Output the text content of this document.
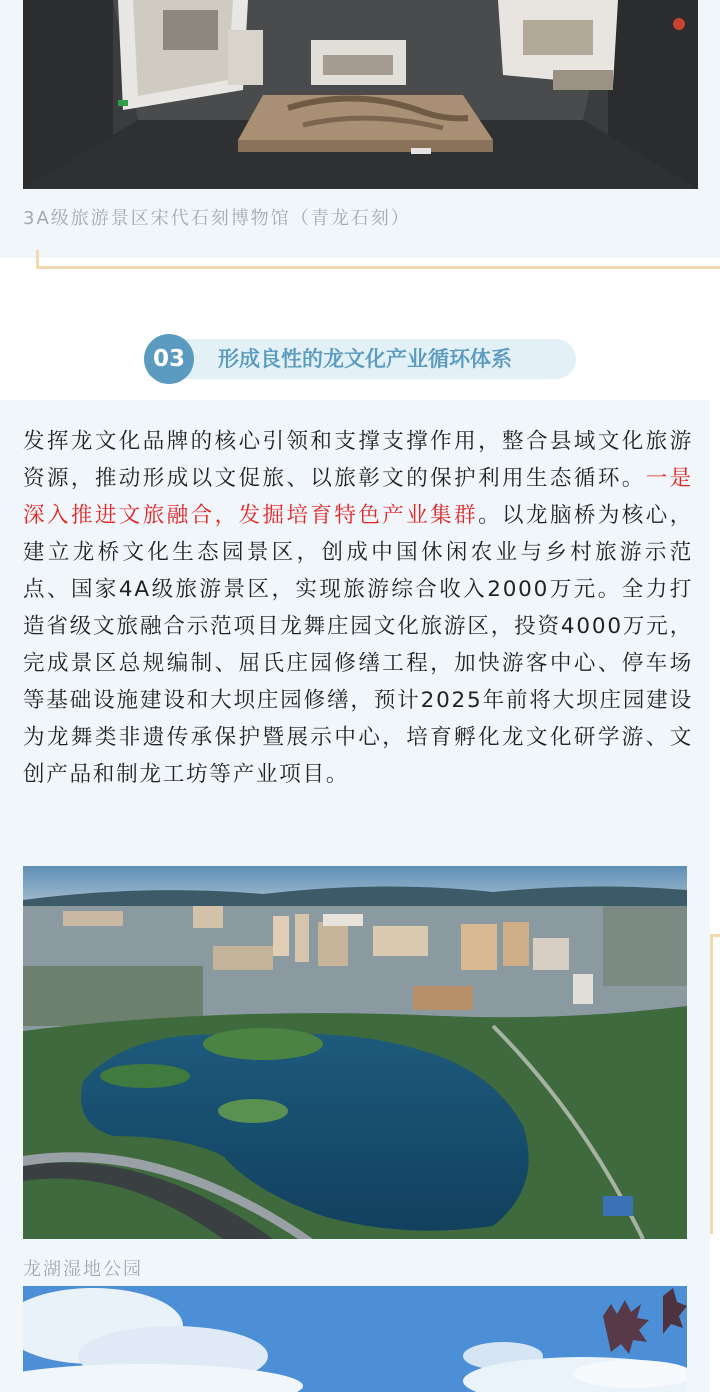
3A级旅游景区宋代石刻博物馆（青龙石刻）
03	形成良性的龙文化产业循环体系

发挥龙文化品牌的核心引领和支撑支撑作用，整合县域文化旅游资源，推动形成以文促旅、以旅彰文的保护利用生态循环。一是深入推进文旅融合，发掘培育特色产业集群。以龙脑桥为核心，建立龙桥文化生态园景区，创成中国休闲农业与乡村旅游示范点、国家4A级旅游景区，实现旅游综合收入2000万元。全力打造省级文旅融合示范项目龙舞庄园文化旅游区，投资4000万元，完成景区总规编制、屈氏庄园修缮工程，加快游客中心、停车场等基础设施建设和大坝庄园修缮，预计2025年前将大坝庄园建设为龙舞类非遗传承保护暨展示中心，培育孵化龙文化研学游、文创产品和制龙工坊等产业项目。

龙湖湿地公园
